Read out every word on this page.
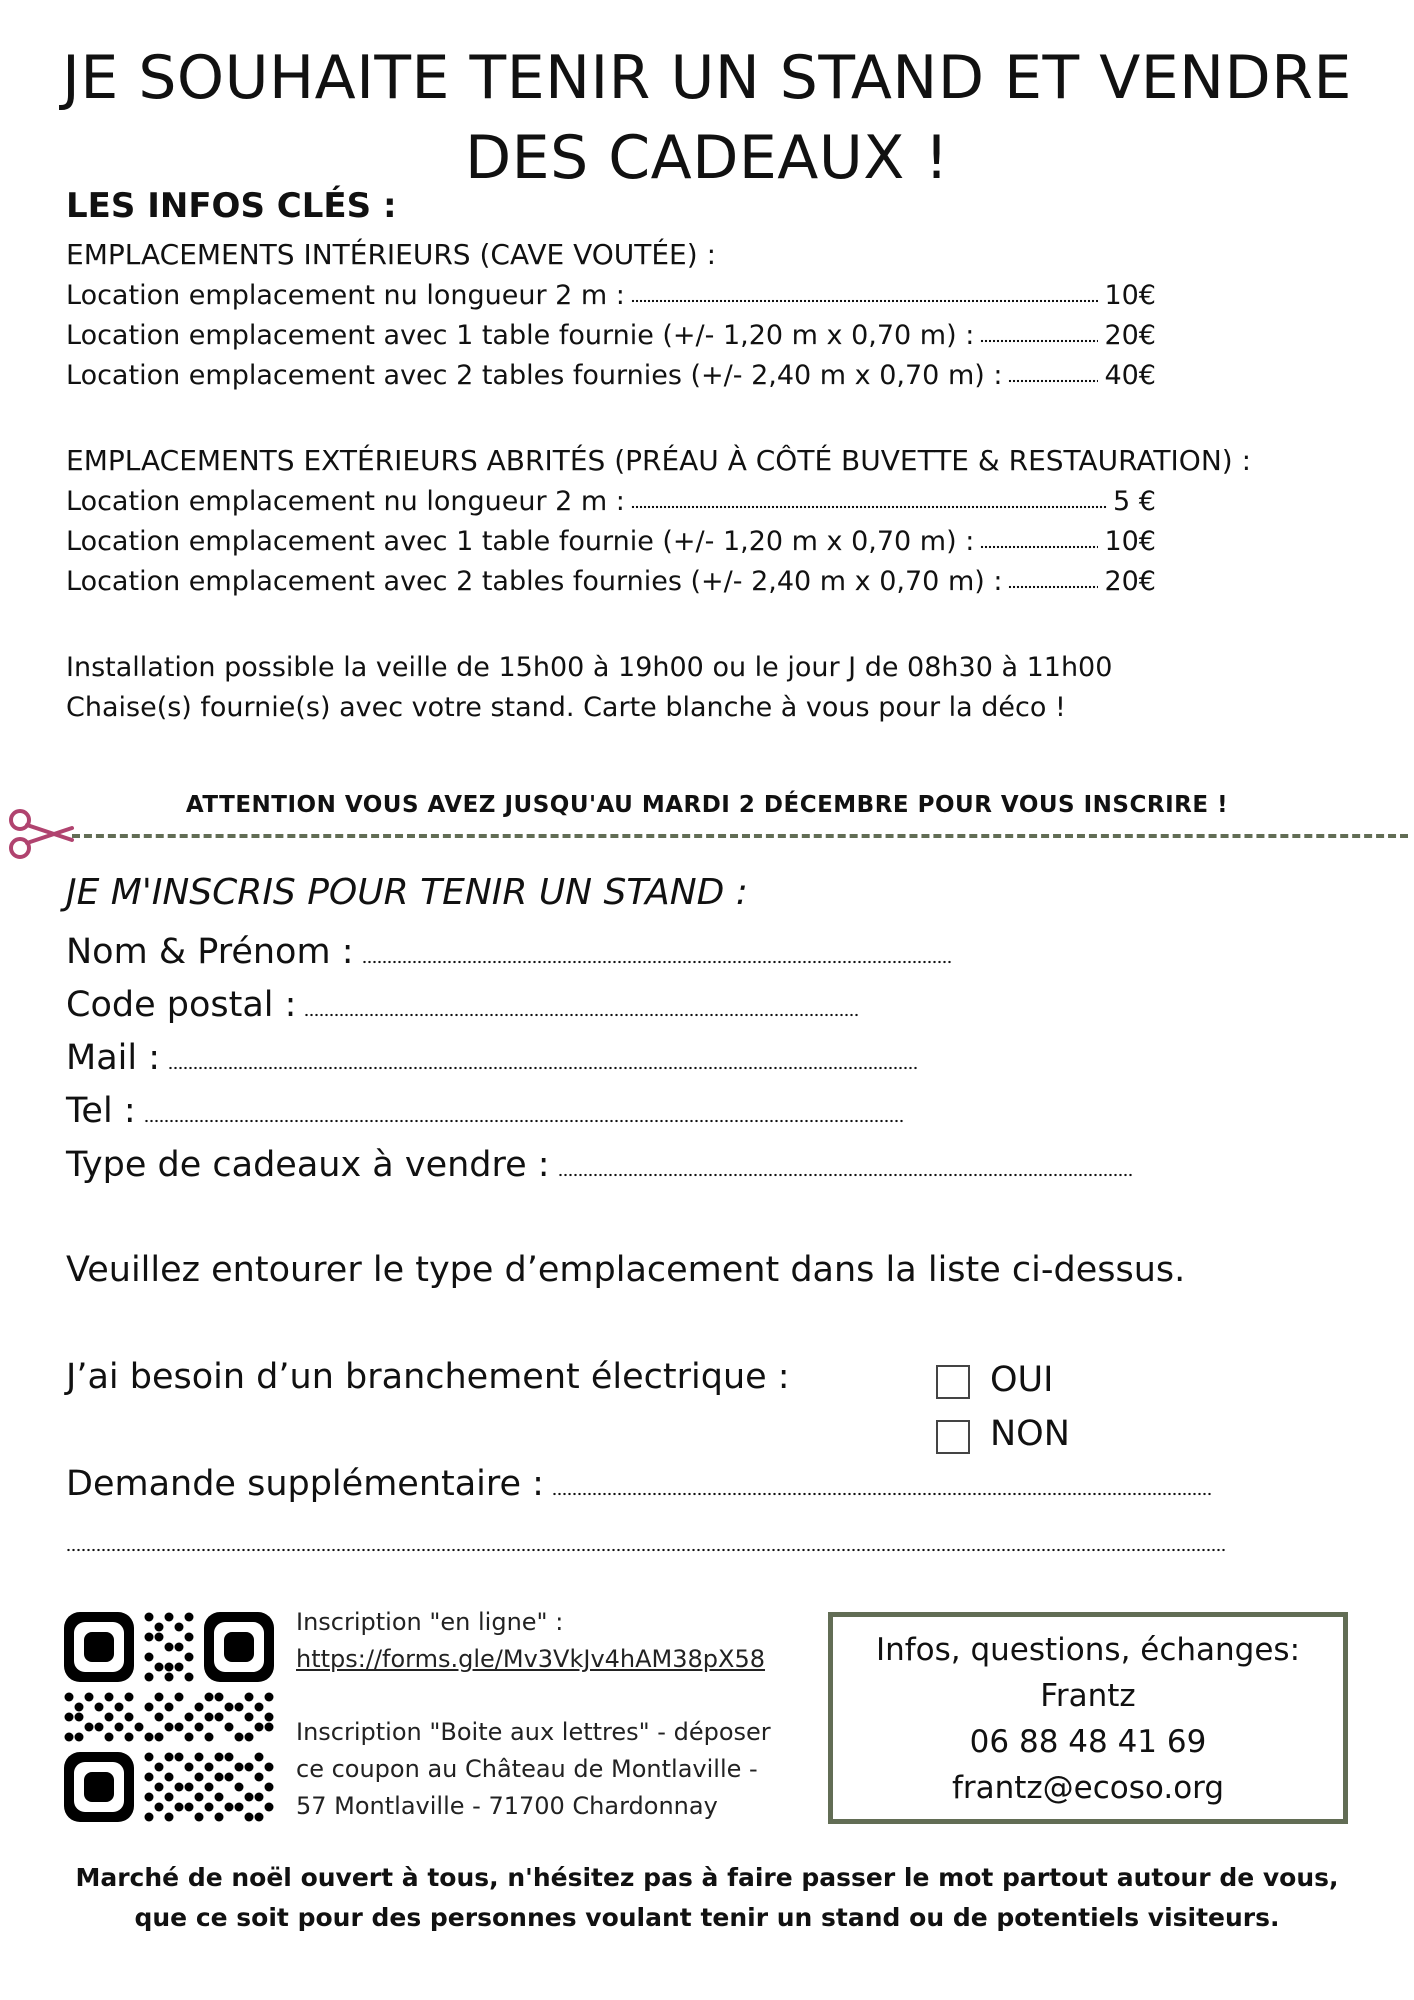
JE SOUHAITE TENIR UN STAND ET VENDRE
DES CADEAUX !
LES INFOS CLÉS :
EMPLACEMENTS INTÉRIEURS (CAVE VOUTÉE) :
Location emplacement nu longueur 2 m :	10€
Location emplacement avec 1 table fournie (+/- 1,20 m x 0,70 m) :	20€
Location emplacement avec 2 tables fournies (+/- 2,40 m x 0,70 m) :	40€
EMPLACEMENTS EXTÉRIEURS ABRITÉS (PRÉAU À CÔTÉ BUVETTE & RESTAURATION) :
Location emplacement nu longueur 2 m :	5 €
Location emplacement avec 1 table fournie (+/- 1,20 m x 0,70 m) :	10€
Location emplacement avec 2 tables fournies (+/- 2,40 m x 0,70 m) :	20€
Installation possible la veille de 15h00 à 19h00 ou le jour J de 08h30 à 11h00
Chaise(s) fournie(s) avec votre stand. Carte blanche à vous pour la déco !
ATTENTION VOUS AVEZ JUSQU'AU MARDI 2 DÉCEMBRE POUR VOUS INSCRIRE !
JE M'INSCRIS POUR TENIR UN STAND :
Nom & Prénom :
Code postal :
Mail :
Tel :
Type de cadeaux à vendre :
Veuillez entourer le type d’emplacement dans la liste ci-dessus.
J’ai besoin d’un branchement électrique :	OUI
NON
Demande supplémentaire :
Inscription "en ligne" :
https://forms.gle/Mv3VkJv4hAM38pX58
Inscription "Boite aux lettres" - déposer
ce coupon au Château de Montlaville -
57 Montlaville - 71700 Chardonnay
Infos, questions, échanges:
Frantz
06 88 48 41 69
frantz@ecoso.org
Marché de noël ouvert à tous, n'hésitez pas à faire passer le mot partout autour de vous,
que ce soit pour des personnes voulant tenir un stand ou de potentiels visiteurs.
